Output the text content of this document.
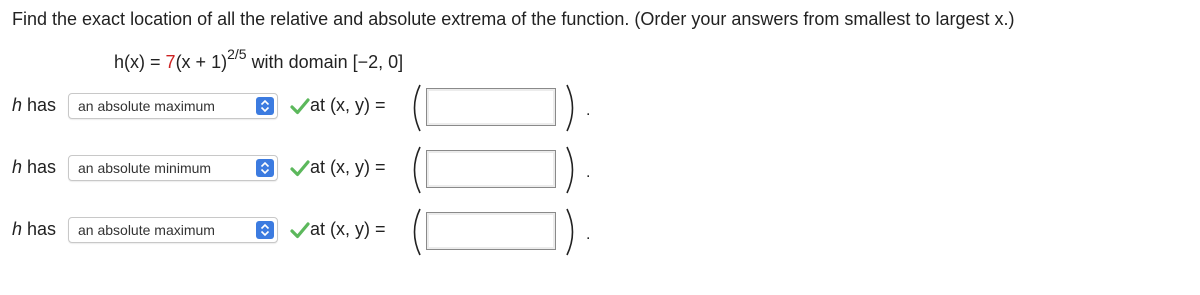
Find the exact location of all the relative and absolute extrema of the function. (Order your answers from smallest to largest x.)
$h(x) = 7(x + 1)^{2/5}$ with domain [−2, 0]
h has an absolute maximum	at (x, y) =	.
h has an absolute minimum	at (x, y) =	.
h has an absolute maximum	at (x, y) =	.
